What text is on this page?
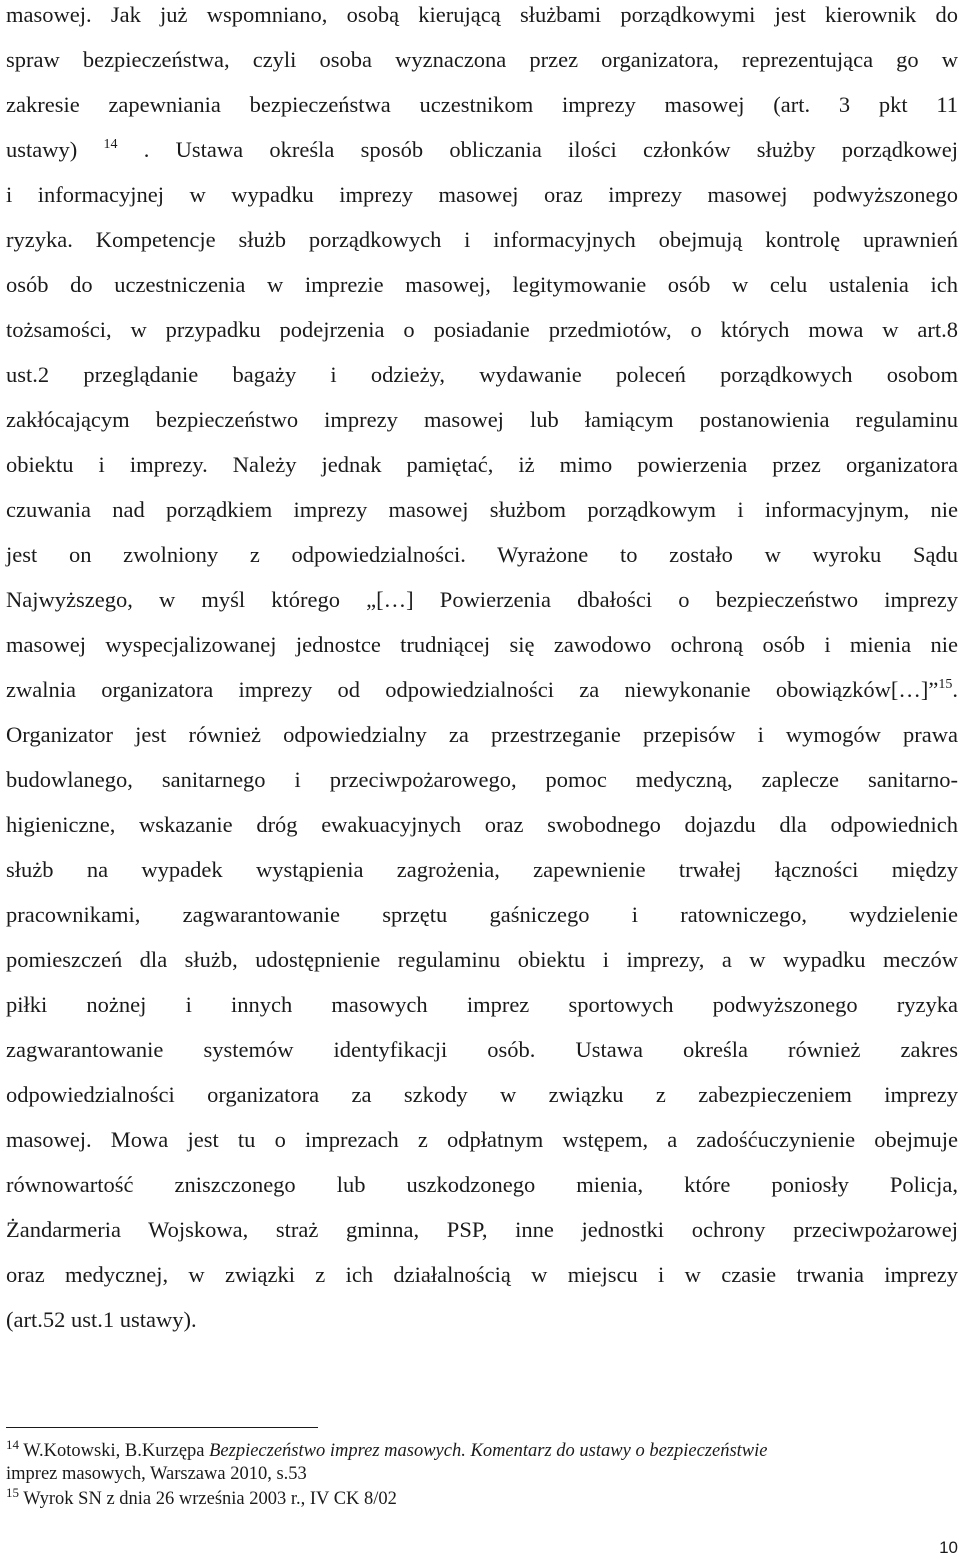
masowej. Jak już wspomniano, osobą kierującą służbami porządkowymi jest kierownik do
spraw bezpieczeństwa, czyli osoba wyznaczona przez organizatora, reprezentująca go w
zakresie zapewniania bezpieczeństwa uczestnikom imprezy masowej (art. 3 pkt 11
ustawy) $^{14}$ . Ustawa określa sposób obliczania ilości członków służby porządkowej
i informacyjnej w wypadku imprezy masowej oraz imprezy masowej podwyższonego
ryzyka. Kompetencje służb porządkowych i informacyjnych obejmują kontrolę uprawnień
osób do uczestniczenia w imprezie masowej, legitymowanie osób w celu ustalenia ich
tożsamości, w przypadku podejrzenia o posiadanie przedmiotów, o których mowa w art.8
ust.2 przeglądanie bagaży i odzieży, wydawanie poleceń porządkowych osobom
zakłócającym bezpieczeństwo imprezy masowej lub łamiącym postanowienia regulaminu
obiektu i imprezy. Należy jednak pamiętać, iż mimo powierzenia przez organizatora
czuwania nad porządkiem imprezy masowej służbom porządkowym i informacyjnym, nie
jest on zwolniony z odpowiedzialności. Wyrażone to zostało w wyroku Sądu
Najwyższego, w myśl którego „[…] Powierzenia dbałości o bezpieczeństwo imprezy
masowej wyspecjalizowanej jednostce trudniącej się zawodowo ochroną osób i mienia nie
zwalnia organizatora imprezy od odpowiedzialności za niewykonanie obowiązków[…]”$^{15}$.
Organizator jest również odpowiedzialny za przestrzeganie przepisów i wymogów prawa
budowlanego, sanitarnego i przeciwpożarowego, pomoc medyczną, zaplecze sanitarno-
higieniczne, wskazanie dróg ewakuacyjnych oraz swobodnego dojazdu dla odpowiednich
służb na wypadek wystąpienia zagrożenia, zapewnienie trwałej łączności między
pracownikami, zagwarantowanie sprzętu gaśniczego i ratowniczego, wydzielenie
pomieszczeń dla służb, udostępnienie regulaminu obiektu i imprezy, a w wypadku meczów
piłki nożnej i innych masowych imprez sportowych podwyższonego ryzyka
zagwarantowanie systemów identyfikacji osób. Ustawa określa również zakres
odpowiedzialności organizatora za szkody w związku z zabezpieczeniem imprezy
masowej. Mowa jest tu o imprezach z odpłatnym wstępem, a zadośćuczynienie obejmuje
równowartość zniszczonego lub uszkodzonego mienia, które poniosły Policja,
Żandarmeria Wojskowa, straż gminna, PSP, inne jednostki ochrony przeciwpożarowej
oraz medycznej, w związki z ich działalnością w miejscu i w czasie trwania imprezy
(art.52 ust.1 ustawy).
$^{14}$ W.Kotowski, B.Kurzępa Bezpieczeństwo imprez masowych. Komentarz do ustawy o bezpieczeństwie
imprez masowych, Warszawa 2010, s.53
$^{15}$ Wyrok SN z dnia 26 września 2003 r., IV CK 8/02
10
